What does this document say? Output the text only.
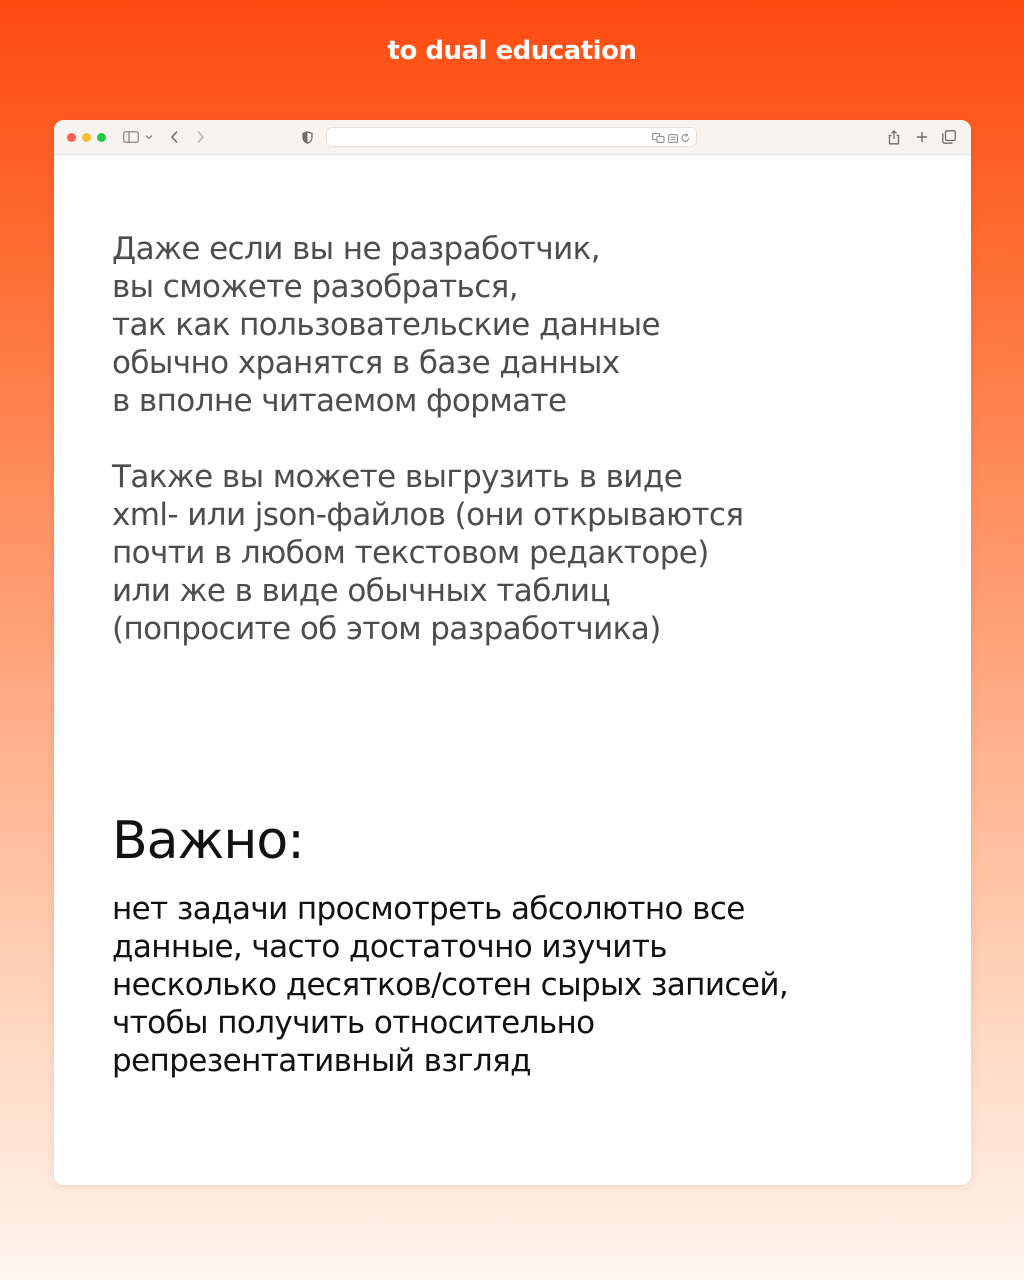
to dual education

Даже если вы не разработчик,

вы сможете разобраться,

так как пользовательские данные

обычно хранятся в базе данных

в вполне читаемом формате

Также вы можете выгрузить в виде

xml- или json-файлов (они открываются

почти в любом текстовом редакторе)

или же в виде обычных таблиц

(попросите об этом разработчика)

Важно:

нет задачи просмотреть абсолютно все

данные, часто достаточно изучить

несколько десятков/сотен сырых записей,

чтобы получить относительно

репрезентативный взгляд
